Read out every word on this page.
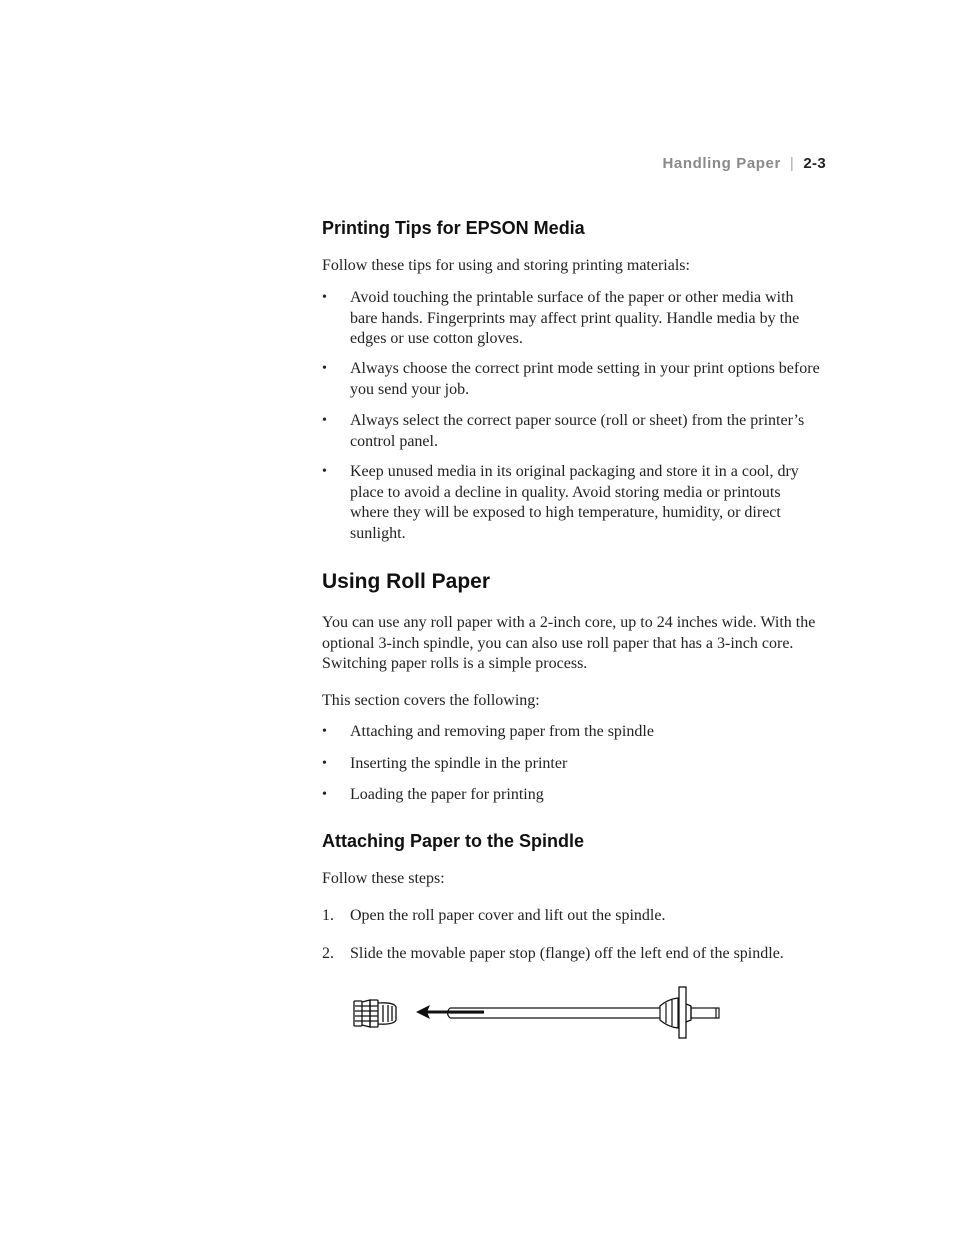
Handling Paper | 2-3
Printing Tips for EPSON Media

Follow these tips for using and storing printing materials:

• Avoid touching the printable surface of the paper or other media with bare hands. Fingerprints may affect print quality. Handle media by the edges or use cotton gloves.
• Always choose the correct print mode setting in your print options before you send your job.
• Always select the correct paper source (roll or sheet) from the printer’s control panel.
• Keep unused media in its original packaging and store it in a cool, dry place to avoid a decline in quality. Avoid storing media or printouts where they will be exposed to high temperature, humidity, or direct sunlight.
Using Roll Paper

You can use any roll paper with a 2-inch core, up to 24 inches wide. With the optional 3-inch spindle, you can also use roll paper that has a 3-inch core. Switching paper rolls is a simple process.

This section covers the following:

• Attaching and removing paper from the spindle
• Inserting the spindle in the printer
• Loading the paper for printing
Attaching Paper to the Spindle

Follow these steps:

1. Open the roll paper cover and lift out the spindle.
2. Slide the movable paper stop (flange) off the left end of the spindle.
